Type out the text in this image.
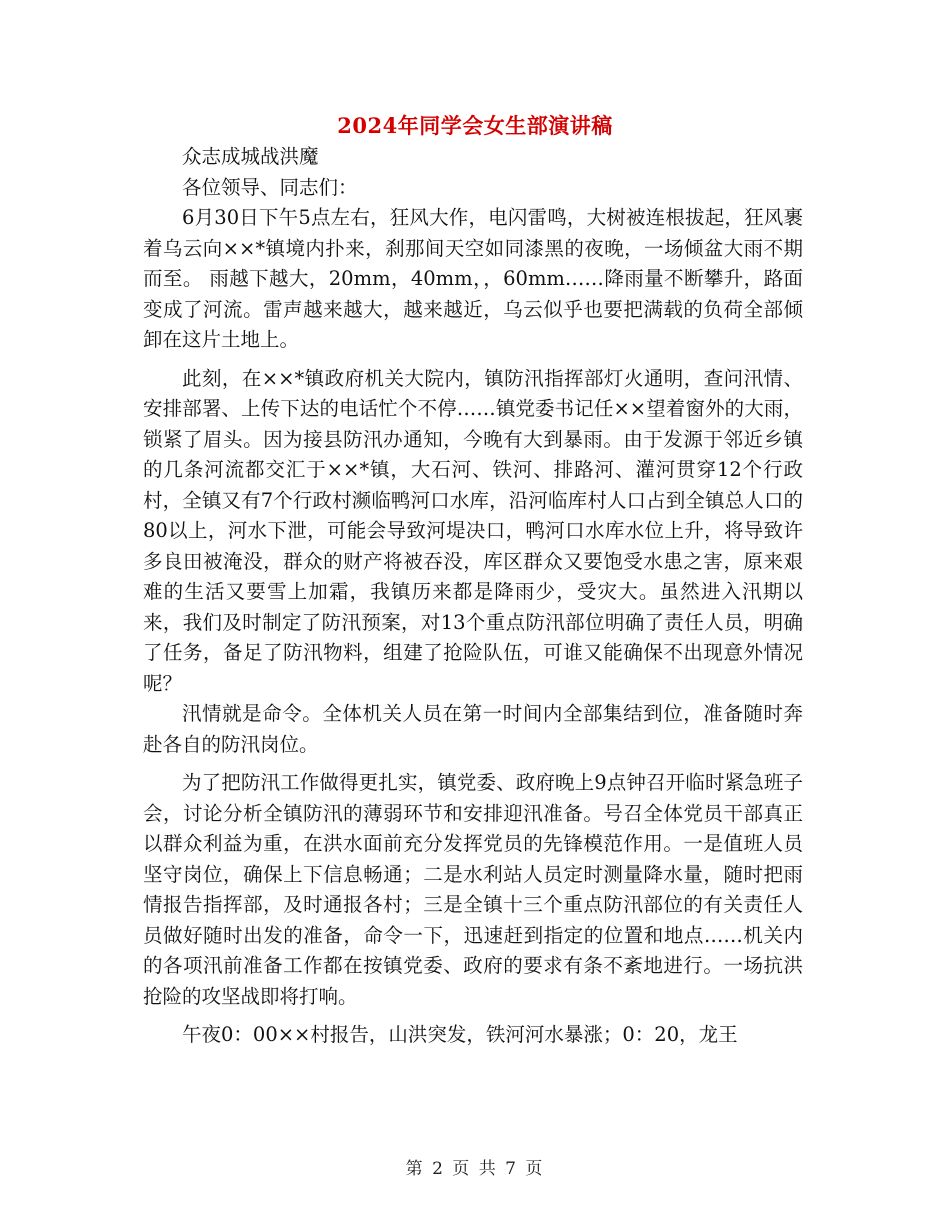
2024年同学会女生部演讲稿

众志成城战洪魔

各位领导、同志们：

6月30日下午5点左右，狂风大作，电闪雷鸣，大树被连根拔起，狂风裹着乌云向××*镇境内扑来，刹那间天空如同漆黑的夜晚，一场倾盆大雨不期而至。 雨越下越大，20mm，40mm，，60mm……降雨量不断攀升，路面变成了河流。雷声越来越大，越来越近，乌云似乎也要把满载的负荷全部倾卸在这片土地上。

此刻，在××*镇政府机关大院内，镇防汛指挥部灯火通明，查问汛情、安排部署、上传下达的电话忙个不停……镇党委书记任××望着窗外的大雨，锁紧了眉头。因为接县防汛办通知，今晚有大到暴雨。由于发源于邻近乡镇的几条河流都交汇于××*镇，大石河、铁河、排路河、灌河贯穿12个行政村，全镇又有7个行政村濒临鸭河口水库，沿河临库村人口占到全镇总人口的80以上，河水下泄，可能会导致河堤决口，鸭河口水库水位上升，将导致许多良田被淹没，群众的财产将被吞没，库区群众又要饱受水患之害，原来艰难的生活又要雪上加霜，我镇历来都是降雨少，受灾大。虽然进入汛期以来，我们及时制定了防汛预案，对13个重点防汛部位明确了责任人员，明确了任务，备足了防汛物料，组建了抢险队伍，可谁又能确保不出现意外情况呢？

汛情就是命令。全体机关人员在第一时间内全部集结到位，准备随时奔赴各自的防汛岗位。

为了把防汛工作做得更扎实，镇党委、政府晚上9点钟召开临时紧急班子会，讨论分析全镇防汛的薄弱环节和安排迎汛准备。号召全体党员干部真正以群众利益为重，在洪水面前充分发挥党员的先锋模范作用。一是值班人员坚守岗位，确保上下信息畅通；二是水利站人员定时测量降水量，随时把雨情报告指挥部，及时通报各村；三是全镇十三个重点防汛部位的有关责任人员做好随时出发的准备，命令一下，迅速赶到指定的位置和地点……机关内的各项汛前准备工作都在按镇党委、政府的要求有条不紊地进行。一场抗洪抢险的攻坚战即将打响。

午夜0：00××村报告，山洪突发，铁河河水暴涨；0：20，龙王

第 2 页 共 7 页
